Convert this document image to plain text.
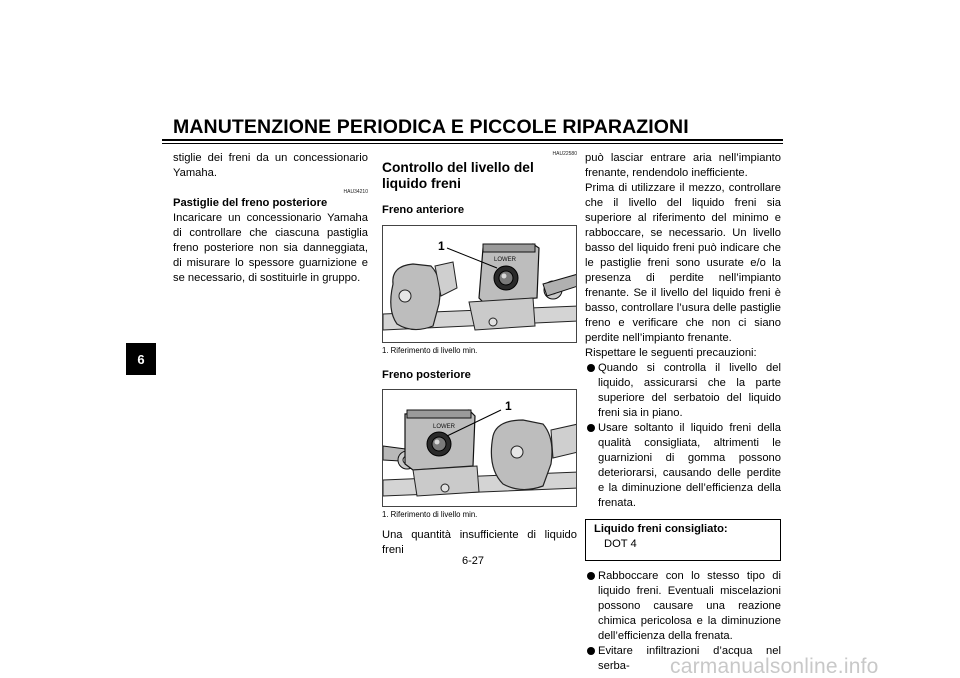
MANUTENZIONE PERIODICA E PICCOLE RIPARAZIONI
6

stiglie dei freni da un concessionario Yamaha.

HAU34210

Pastiglie del freno posteriore

Incaricare un concessionario Yamaha di controllare che ciascuna pastiglia freno posteriore non sia danneggiata, di misurare lo spessore guarnizione e se necessario, di sostituirle in gruppo.

HAU22580

Controllo del livello del liquido freni

Freno anteriore

LOWER
1

1. Riferimento di livello min.

Freno posteriore

LOWER
1

1. Riferimento di livello min.

Una quantità insufficiente di liquido freni

può lasciar entrare aria nell’impianto frenante, rendendolo inefficiente.

Prima di utilizzare il mezzo, controllare che il livello del liquido freni sia superiore al riferimento del minimo e rabboccare, se necessario. Un livello basso del liquido freni può indicare che le pastiglie freni sono usurate e/o la presenza di perdite nell’impianto frenante. Se il livello del liquido freni è basso, controllare l’usura delle pastiglie freno e verificare che non ci siano perdite nell’impianto frenante.

Rispettare le seguenti precauzioni:

Quando si controlla il livello del liquido, assicurarsi che la parte superiore del serbatoio del liquido freni sia in piano.
Usare soltanto il liquido freni della qualità consigliata, altrimenti le guarnizioni di gomma possono deteriorarsi, causando delle perdite e la diminuzione dell’efficienza della frenata.
Liquido freni consigliato:
DOT 4
Rabboccare con lo stesso tipo di liquido freni. Eventuali miscelazioni possono causare una reazione chimica pericolosa e la diminuzione dell’efficienza della frenata.
Evitare infiltrazioni d’acqua nel serba-
6-27
carmanualsonline.info
